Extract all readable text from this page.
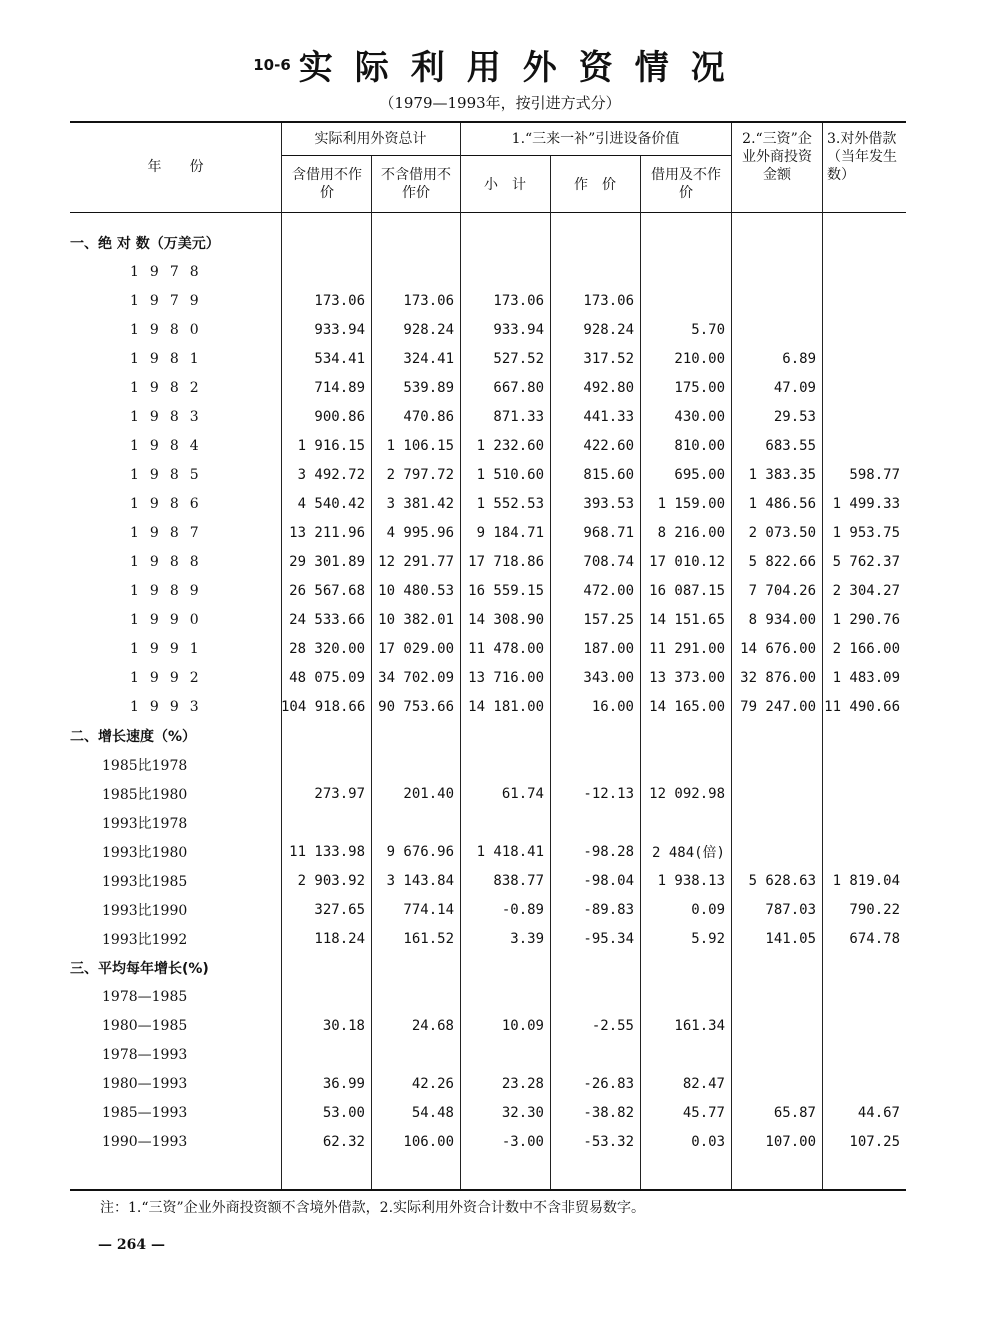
10-6 实际利用外资情况
（1979—1993年，按引进方式分）
年　　份
实际利用外资总计
含借用不作价
不含借用不作价
1.“三来一补”引进设备价值
小　计	作　价
借用及不作价
2.“三资”企业外商投资金额
3.对外借款（当年发生数）
一、绝 对 数（万美元）							
1978							
1979	173.06	173.06	173.06	173.06			
1980	933.94	928.24	933.94	928.24	5.70		
1981	534.41	324.41	527.52	317.52	210.00	6.89	
1982	714.89	539.89	667.80	492.80	175.00	47.09	
1983	900.86	470.86	871.33	441.33	430.00	29.53	
1984	1 916.15	1 106.15	1 232.60	422.60	810.00	683.55	
1985	3 492.72	2 797.72	1 510.60	815.60	695.00	1 383.35	598.77
1986	4 540.42	3 381.42	1 552.53	393.53	1 159.00	1 486.56	1 499.33
1987	13 211.96	4 995.96	9 184.71	968.71	8 216.00	2 073.50	1 953.75
1988	29 301.89	12 291.77	17 718.86	708.74	17 010.12	5 822.66	5 762.37
1989	26 567.68	10 480.53	16 559.15	472.00	16 087.15	7 704.26	2 304.27
1990	24 533.66	10 382.01	14 308.90	157.25	14 151.65	8 934.00	1 290.76
1991	28 320.00	17 029.00	11 478.00	187.00	11 291.00	14 676.00	2 166.00
1992	48 075.09	34 702.09	13 716.00	343.00	13 373.00	32 876.00	1 483.09
1993	104 918.66	90 753.66	14 181.00	16.00	14 165.00	79 247.00	11 490.66
二、增长速度（%）							
1985比1978							
1985比1980	273.97	201.40	61.74	-12.13	12 092.98		
1993比1978							
1993比1980	11 133.98	9 676.96	1 418.41	-98.28	2 484(倍)		
1993比1985	2 903.92	3 143.84	838.77	-98.04	1 938.13	5 628.63	1 819.04
1993比1990	327.65	774.14	-0.89	-89.83	0.09	787.03	790.22
1993比1992	118.24	161.52	3.39	-95.34	5.92	141.05	674.78
三、平均每年增长(%)							
1978—1985							
1980—1985	30.18	24.68	10.09	-2.55	161.34		
1978—1993							
1980—1993	36.99	42.26	23.28	-26.83	82.47		
1985—1993	53.00	54.48	32.30	-38.82	45.77	65.87	44.67
1990—1993	62.32	106.00	-3.00	-53.32	0.03	107.00	107.25
注：1.“三资”企业外商投资额不含境外借款，2.实际利用外资合计数中不含非贸易数字。
— 264 —
